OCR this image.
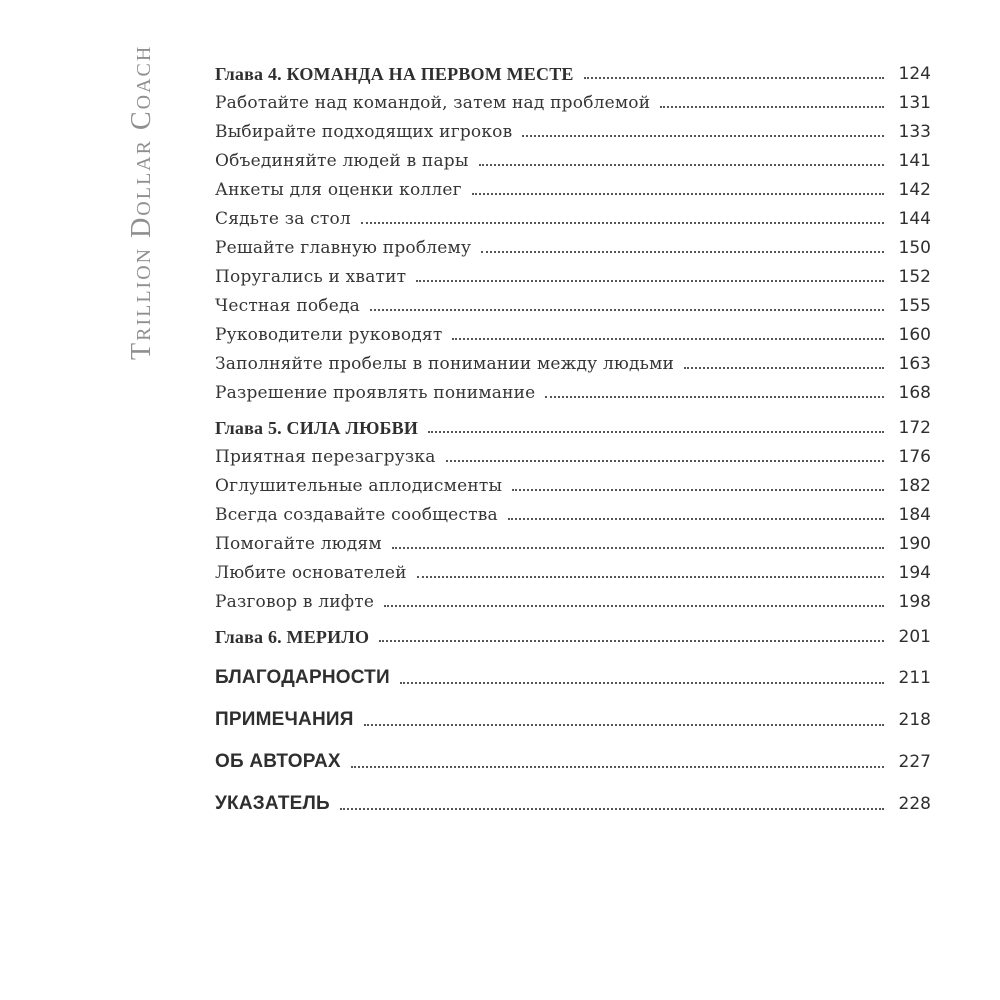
Trillion Dollar Coach	Глава 4. КОМАНДА НА ПЕРВОМ МЕСТЕ	124
Работайте над командой, затем над проблемой	131
Выбирайте подходящих игроков	133
Объединяйте людей в пары	141
Анкеты для оценки коллег	142
Сядьте за стол	144
Решайте главную проблему	150
Поругались и хватит	152
Честная победа	155
Руководители руководят	160
Заполняйте пробелы в понимании между людьми	163
Разрешение проявлять понимание	168
Глава 5. СИЛА ЛЮБВИ	172
Приятная перезагрузка	176
Оглушительные аплодисменты	182
Всегда создавайте сообщества	184
Помогайте людям	190
Любите основателей	194
Разговор в лифте	198
Глава 6. МЕРИЛО	201
БЛАГОДАРНОСТИ	211
ПРИМЕЧАНИЯ	218
ОБ АВТОРАХ	227
УКАЗАТЕЛЬ	228
